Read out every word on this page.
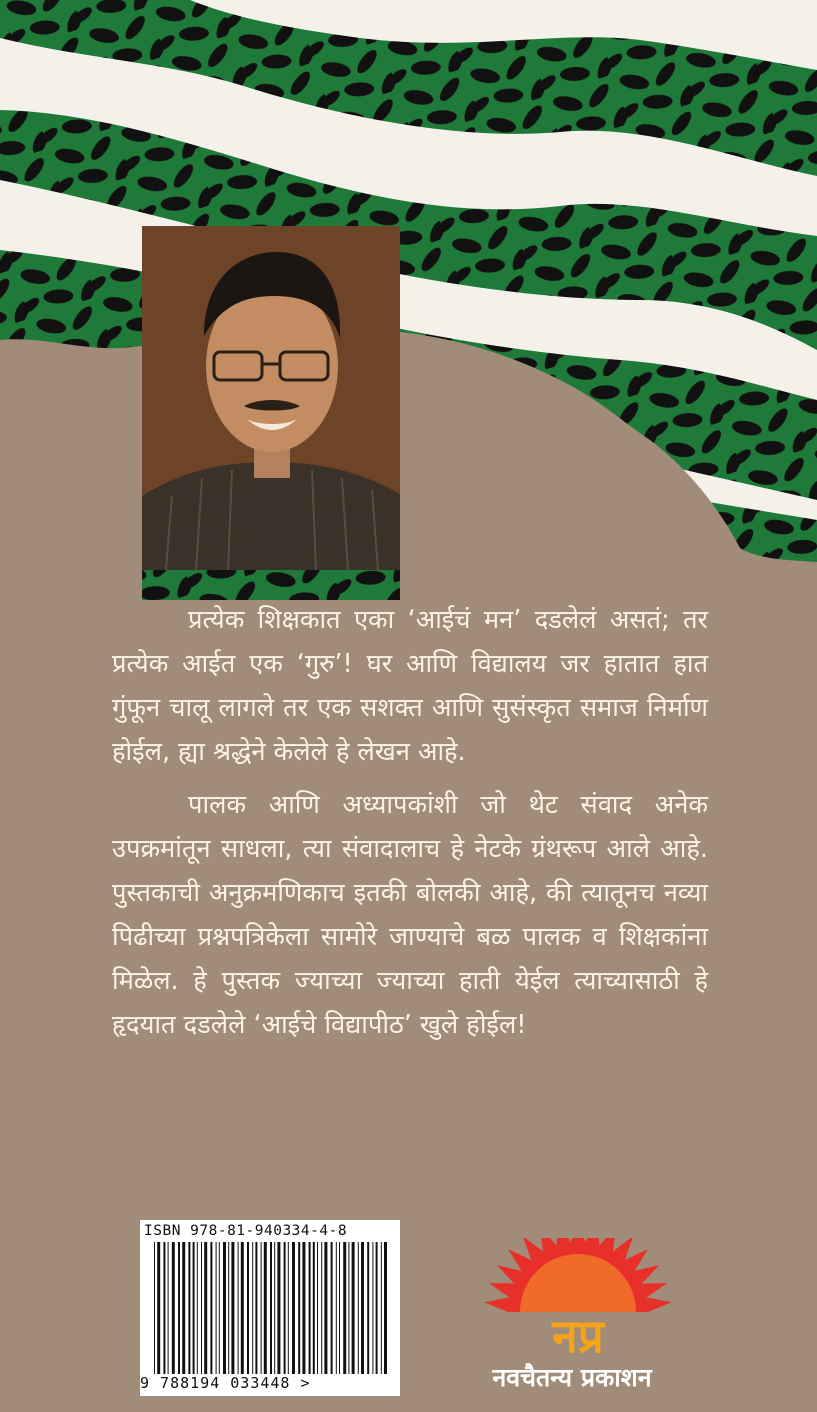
प्रत्येक शिक्षकात एका ‘आईचं मन’ दडलेलं असतं; तर प्रत्येक आईत एक ‘गुरु’! घर आणि विद्यालय जर हातात हात गुंफून चालू लागले तर एक सशक्त आणि सुसंस्कृत समाज निर्माण होईल, ह्या श्रद्धेने केलेले हे लेखन आहे.

पालक आणि अध्यापकांशी जो थेट संवाद अनेक उपक्रमांतून साधला, त्या संवादालाच हे नेटके ग्रंथरूप आले आहे. पुस्तकाची अनुक्रमणिकाच इतकी बोलकी आहे, की त्यातूनच नव्या पिढीच्या प्रश्नपत्रिकेला सामोरे जाण्याचे बळ पालक व शिक्षकांना मिळेल. हे पुस्तक ज्याच्या ज्याच्या हाती येईल त्याच्यासाठी हे हृदयात दडलेले ‘आईचे विद्यापीठ’ खुले होईल!

ISBN 978-81-940334-4-8
9 788194 033448 >
नप्र
नवचैतन्य प्रकाशन
